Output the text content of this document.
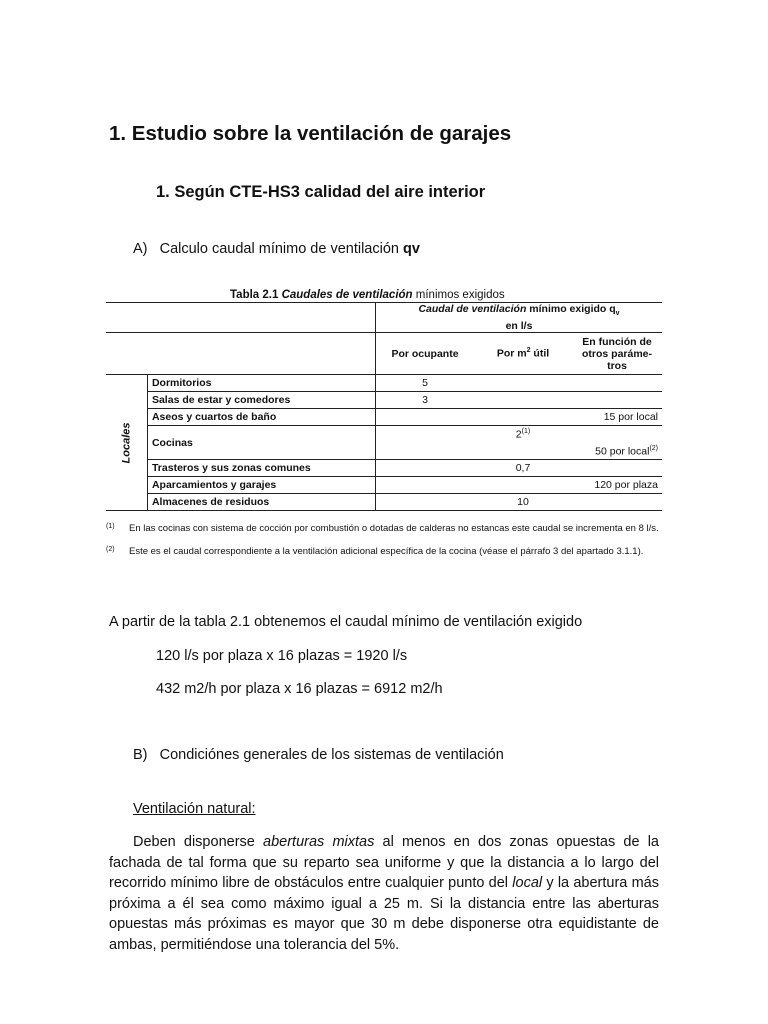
1. Estudio sobre la ventilación de garajes
1. Según CTE-HS3 calidad del aire interior
A) Calculo caudal mínimo de ventilación qv
Tabla 2.1 Caudales de ventilación mínimos exigidos
		Caudal de ventilación mínimo exigido $q_v$
en l/s		
		Por ocupante	Por $m^2$ útil	En función de otros paráme-tros
Locales	Dormitorios	5		
	Salas de estar y comedores	3		
	Aseos y cuartos de baño			15 por local
	Cocinas		2$^{(1)}$	50 por local$^{(2)}$
	Trasteros y sus zonas comunes		0,7	
	Aparcamientos y garajes			120 por plaza
	Almacenes de residuos		10	
(1) En las cocinas con sistema de cocción por combustión o dotadas de calderas no estancas este caudal se incrementa en 8 l/s.
(2) Este es el caudal correspondiente a la ventilación adicional específica de la cocina (véase el párrafo 3 del apartado 3.1.1).
A partir de la tabla 2.1 obtenemos el caudal mínimo de ventilación exigido
120 l/s por plaza x 16 plazas = 1920 l/s
432 m2/h por plaza x 16 plazas = 6912 m2/h
B) Condiciónes generales de los sistemas de ventilación
Ventilación natural:
Deben disponerse aberturas mixtas al menos en dos zonas opuestas de la fachada de tal forma que su reparto sea uniforme y que la distancia a lo largo del recorrido mínimo libre de obstáculos entre cualquier punto del local y la abertura más próxima a él sea como máximo igual a 25 m. Si la distancia entre las aberturas opuestas más próximas es mayor que 30 m debe disponerse otra equidistante de ambas, permitiéndose una tolerancia del 5%.
